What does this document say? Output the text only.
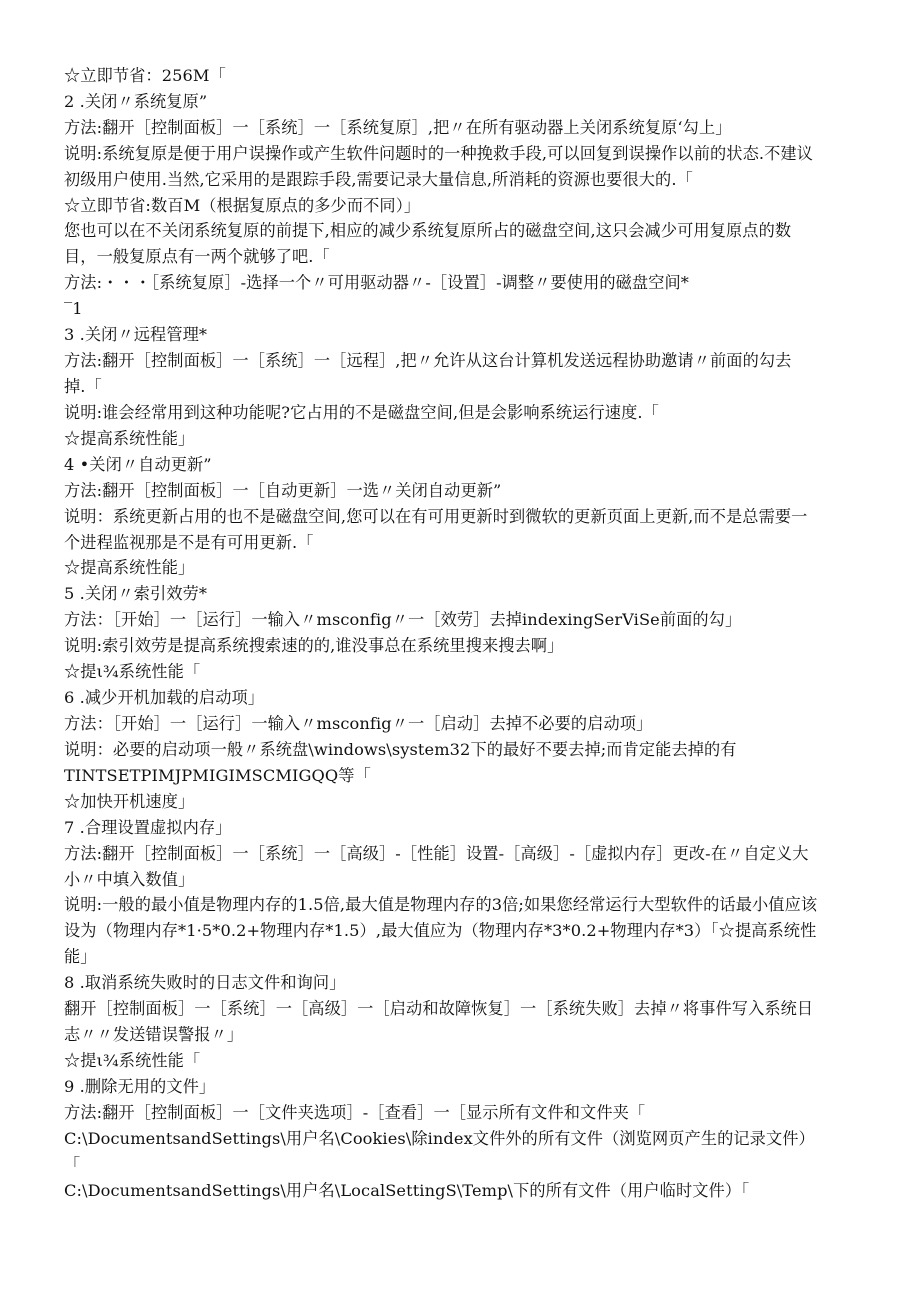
☆立即节省：256M「
2 .关闭〃系统复原”
方法:翻开［控制面板］一［系统］一［系统复原］,把〃在所有驱动器上关闭系统复原‘勾上」
说明:系统复原是便于用户误操作或产生软件问题时的一种挽救手段,可以回复到误操作以前的状态.不建议
初级用户使用.当然,它采用的是跟踪手段,需要记录大量信息,所消耗的资源也要很大的.「
☆立即节省:数百M（根据复原点的多少而不同）」
您也可以在不关闭系统复原的前提下,相应的减少系统复原所占的磁盘空间,这只会减少可用复原点的数
目，一般复原点有一两个就够了吧.「
方法:・・・［系统复原］-选择一个〃可用驱动器〃-［设置］-调整〃要使用的磁盘空间*
‾1
3 .关闭〃远程管理*
方法:翻开［控制面板］一［系统］一［远程］,把〃允许从这台计算机发送远程协助邀请〃前面的勾去
掉.「
说明:谁会经常用到这种功能呢?它占用的不是磁盘空间,但是会影响系统运行速度.「
☆提高系统性能」
4 •关闭〃自动更新”
方法:翻开［控制面板］一［自动更新］一选〃关闭自动更新”
说明：系统更新占用的也不是磁盘空间,您可以在有可用更新时到微软的更新页面上更新,而不是总需要一
个进程监视那是不是有可用更新.「
☆提高系统性能」
5 .关闭〃索引效劳*
方法：［开始］一［运行］一输入〃msconfig〃一［效劳］去掉indexingSerViSe前面的勾」
说明:索引效劳是提高系统搜索速的的,谁没事总在系统里搜来搜去啊」
☆提ι¾系统性能「
6 .减少开机加载的启动项」
方法：［开始］一［运行］一输入〃msconfig〃一［启动］去掉不必要的启动项」
说明：必要的启动项一般〃系统盘\windows\system32下的最好不要去掉;而肯定能去掉的有
TINTSETPIMJPMIGIMSCMIGQQ等「
☆加快开机速度」
7 .合理设置虚拟内存」
方法:翻开［控制面板］一［系统］一［高级］-［性能］设置-［高级］-［虚拟内存］更改-在〃自定义大
小〃中填入数值」
说明:一般的最小值是物理内存的1.5倍,最大值是物理内存的3倍;如果您经常运行大型软件的话最小值应该
设为（物理内存*1·5*0.2+物理内存*1.5）,最大值应为（物理内存*3*0.2+物理内存*3）「☆提高系统性
能」
8 .取消系统失败时的日志文件和询问」
翻开［控制面板］一［系统］一［高级］一［启动和故障恢复］一［系统失败］去掉〃将事件写入系统日
志〃〃发送错误警报〃」
☆提ι¾系统性能「
9 .删除无用的文件」
方法:翻开［控制面板］一［文件夹选项］-［查看］一［显示所有文件和文件夹「
C:\DocumentsandSettings\用户名\Cookies\除index文件外的所有文件（浏览网页产生的记录文件）
「
C:\DocumentsandSettings\用户名\LocalSettingS\Temp\下的所有文件（用户临时文件）「
